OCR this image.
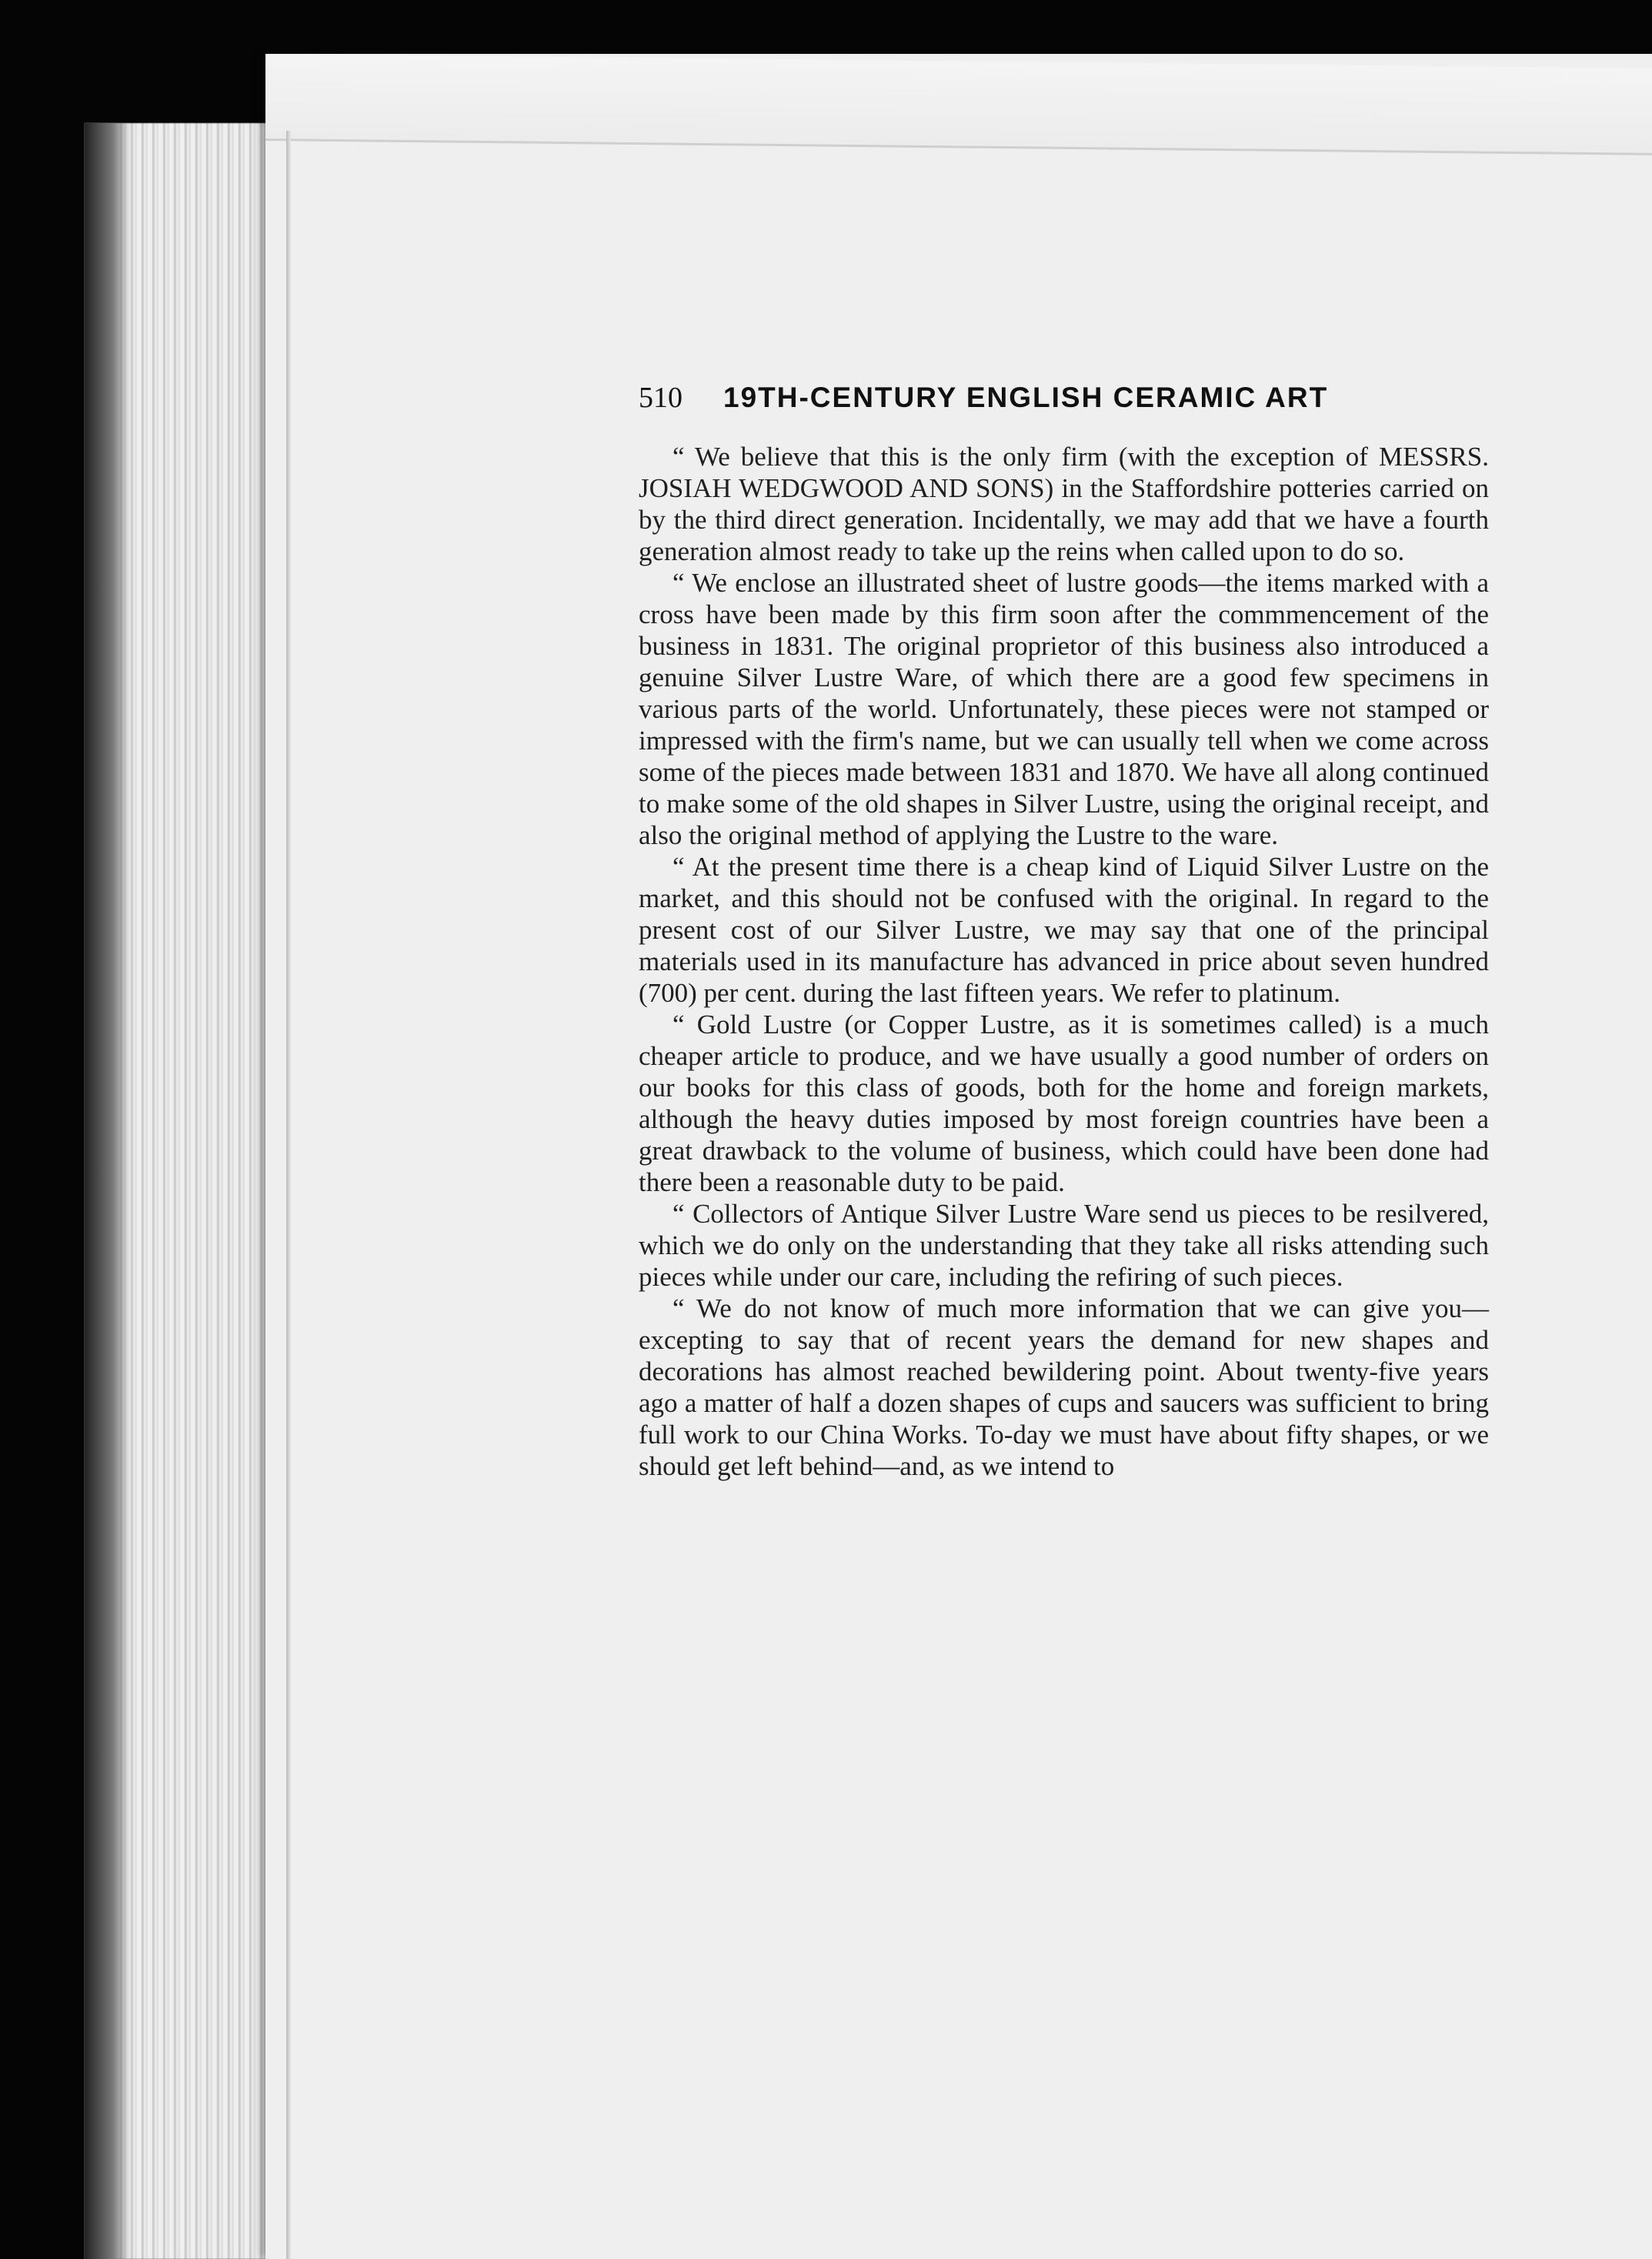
510	19TH-CENTURY ENGLISH CERAMIC ART

“ We believe that this is the only firm (with the exception of MESSRS. JOSIAH WEDGWOOD AND SONS) in the Staffordshire potteries carried on by the third direct generation. Incidentally, we may add that we have a fourth generation almost ready to take up the reins when called upon to do so.

“ We enclose an illustrated sheet of lustre goods—the items marked with a cross have been made by this firm soon after the commmencement of the business in 1831. The original proprietor of this business also introduced a genuine Silver Lustre Ware, of which there are a good few specimens in various parts of the world. Unfortunately, these pieces were not stamped or impressed with the firm's name, but we can usually tell when we come across some of the pieces made between 1831 and 1870. We have all along continued to make some of the old shapes in Silver Lustre, using the original receipt, and also the original method of applying the Lustre to the ware.

“ At the present time there is a cheap kind of Liquid Silver Lustre on the market, and this should not be confused with the original. In regard to the present cost of our Silver Lustre, we may say that one of the principal materials used in its manufacture has advanced in price about seven hundred (700) per cent. during the last fifteen years. We refer to platinum.

“ Gold Lustre (or Copper Lustre, as it is sometimes called) is a much cheaper article to produce, and we have usually a good number of orders on our books for this class of goods, both for the home and foreign markets, although the heavy duties imposed by most foreign countries have been a great drawback to the volume of business, which could have been done had there been a reasonable duty to be paid.

“ Collectors of Antique Silver Lustre Ware send us pieces to be resilvered, which we do only on the understanding that they take all risks attending such pieces while under our care, including the refiring of such pieces.

“ We do not know of much more information that we can give you—excepting to say that of recent years the demand for new shapes and decorations has almost reached bewildering point. About twenty-five years ago a matter of half a dozen shapes of cups and saucers was sufficient to bring full work to our China Works. To-day we must have about fifty shapes, or we should get left behind—and, as we intend to
